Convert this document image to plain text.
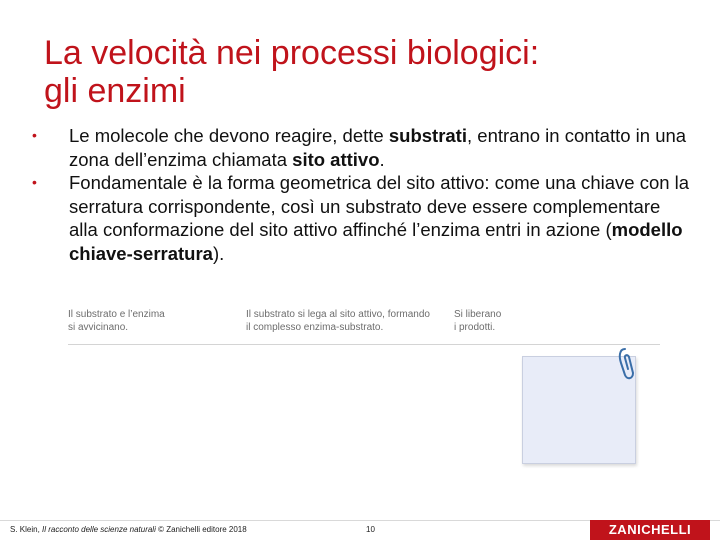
La velocità nei processi biologici:
gli enzimi
• Le molecole che devono reagire, dette substrati, entrano in contatto in una zona dell’enzima chiamata sito attivo.
• Fondamentale è la forma geometrica del sito attivo: come una chiave con la serratura corrispondente, così un substrato deve essere complementare alla conformazione del sito attivo affinché l’enzima entri in azione (modello chiave-serratura).
Il substrato e l’enzima
si avvicinano.
Il substrato si lega al sito attivo, formando
il complesso enzima-substrato.
Si liberano
i prodotti.
S. Klein, Il racconto delle scienze naturali © Zanichelli editore 2018	10	ZANICHELLI
